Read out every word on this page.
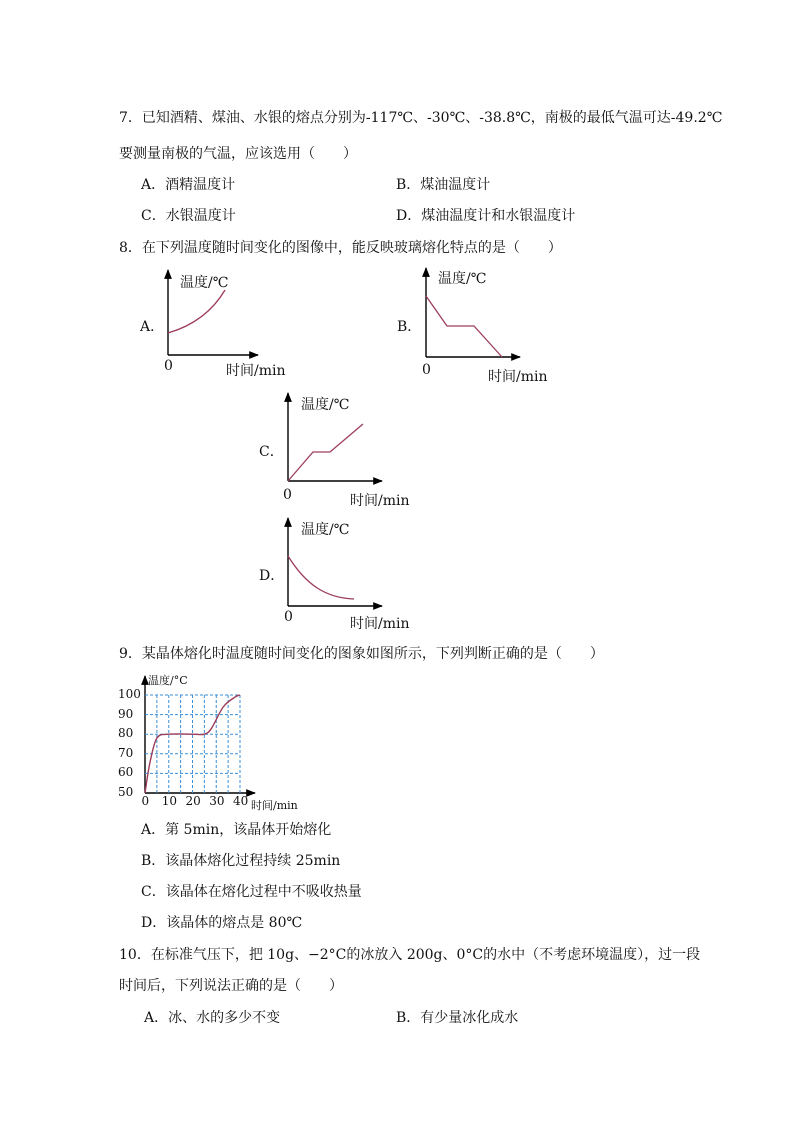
7．已知酒精、煤油、水银的熔点分别为-117℃、-30℃、-38.8℃，南极的最低气温可达-49.2℃
要测量南极的气温，应该选用（　　）
A．酒精温度计	B．煤油温度计
C．水银温度计	D．煤油温度计和水银温度计
8．在下列温度随时间变化的图像中，能反映玻璃熔化特点的是（　　）
A．
温度/℃
0	时间/min
B．
温度/℃
0	时间/min
C．
温度/℃
0	时间/min
D．
温度/℃
0	时间/min
9．某晶体熔化时温度随时间变化的图象如图所示，下列判断正确的是（　　）
温度/°C
时间/min
50
60
70
80
90
100
0 10 20 30 40
A．第 5min，该晶体开始熔化
B．该晶体熔化过程持续 25min
C．该晶体在熔化过程中不吸收热量
D．该晶体的熔点是 80℃
10．在标准气压下，把 10g、−2°C的冰放入 200g、0°C的水中（不考虑环境温度），过一段
时间后，下列说法正确的是（　　）
A．冰、水的多少不变	B．有少量冰化成水
